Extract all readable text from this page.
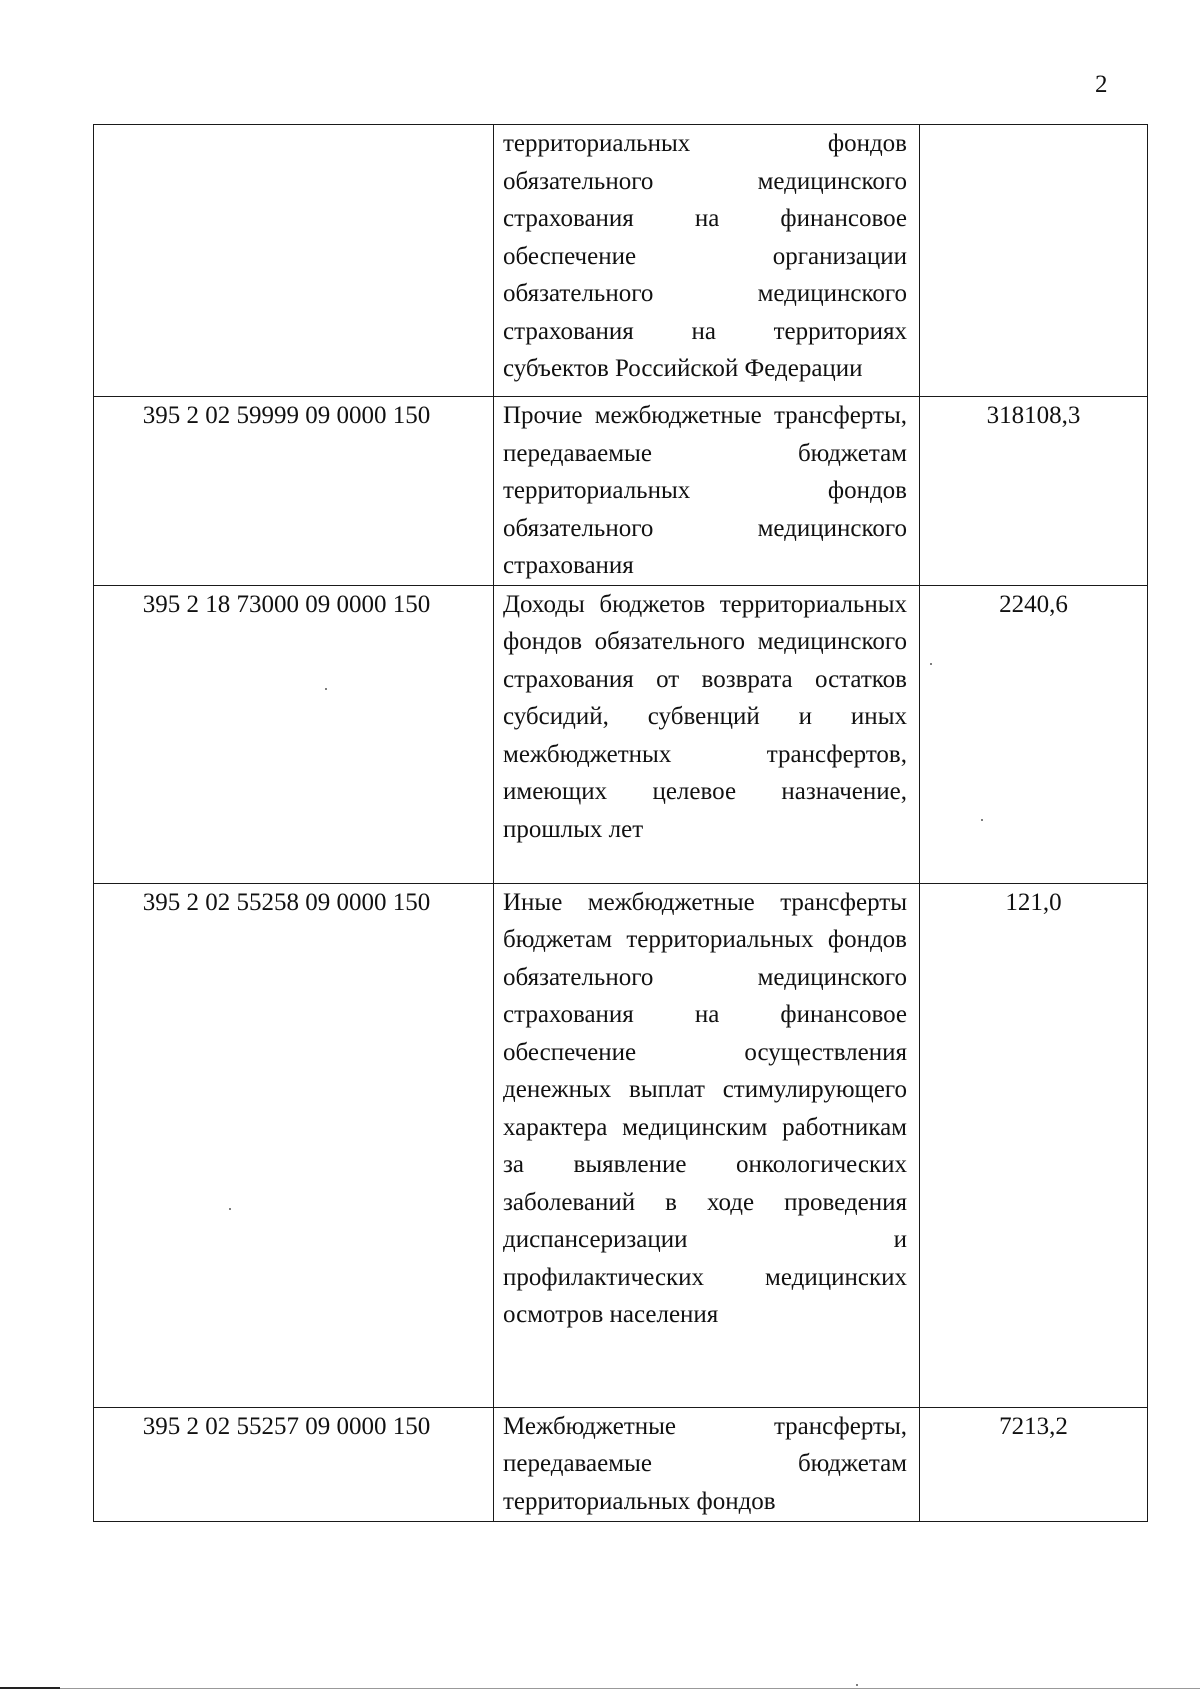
2
	территориальных фондов обязательного медицинского страхования на финансовое обеспечение организации обязательного медицинского страхования на территориях субъектов Российской Федерации	
395 2 02 59999 09 0000 150	Прочие межбюджетные трансферты, передаваемые бюджетам территориальных фондов обязательного медицинского страхования	318108,3
395 2 18 73000 09 0000 150	Доходы бюджетов территориальных фондов обязательного медицинского страхования от возврата остатков субсидий, субвенций и иных межбюджетных трансфертов, имеющих целевое назначение, прошлых лет	2240,6
395 2 02 55258 09 0000 150	Иные межбюджетные трансферты бюджетам территориальных фондов обязательного медицинского страхования на финансовое обеспечение осуществления денежных выплат стимулирующего характера медицинским работникам за выявление онкологических заболеваний в ходе проведения диспансеризации и профилактических медицинских осмотров населения	121,0
395 2 02 55257 09 0000 150	Межбюджетные трансферты, передаваемые бюджетам территориальных фондов	7213,2
